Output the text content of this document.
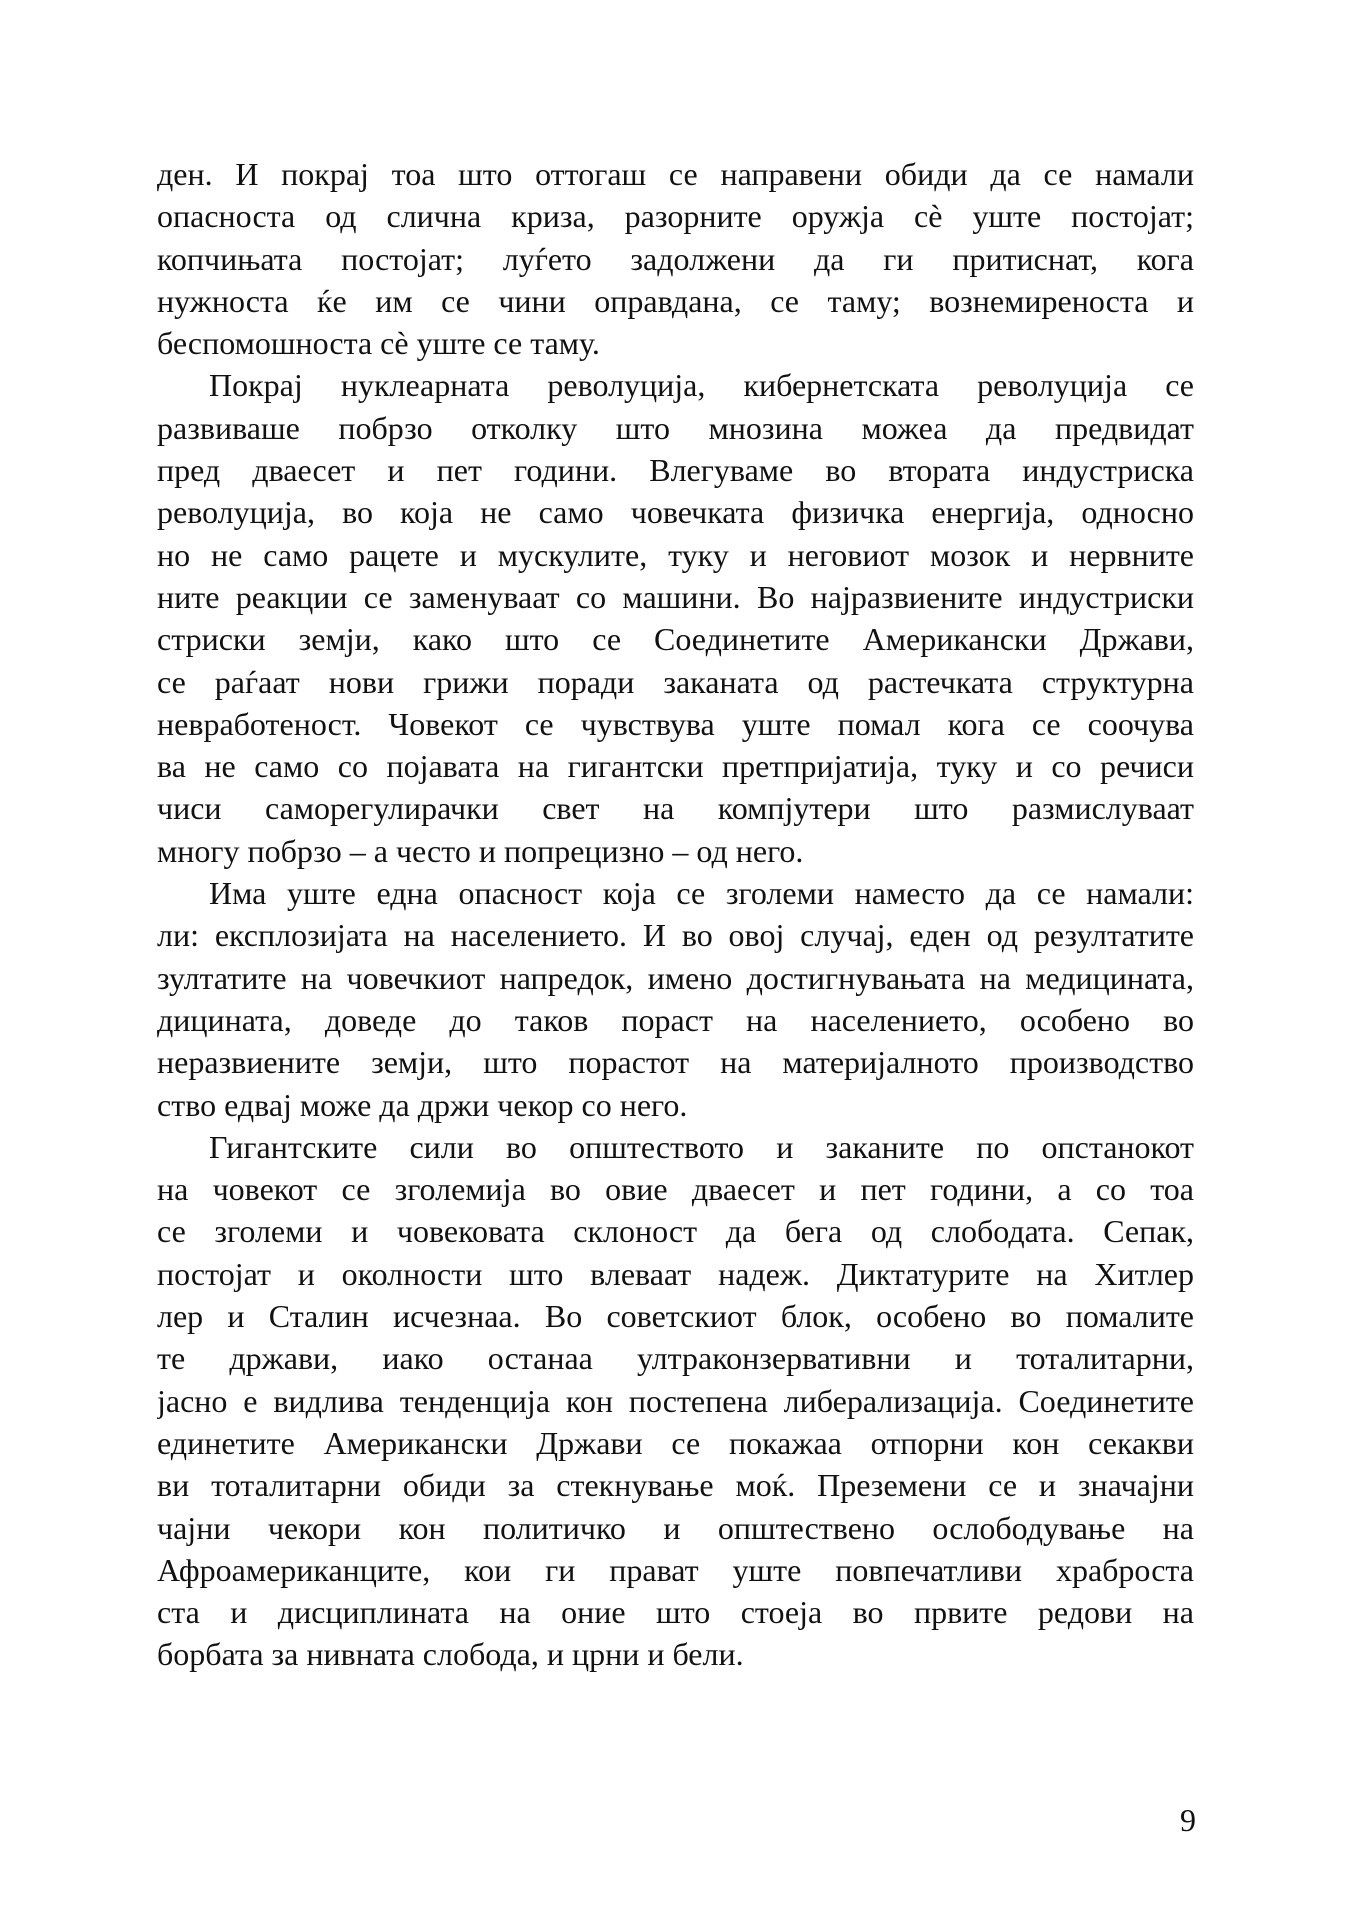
ден. И покрај тоа што оттогаш се направени обиди да се намали
опасноста од слична криза, разорните оружја сè уште постојат;
копчињата постојат; луѓето задолжени да ги притиснат, кога
нужноста ќе им се чини оправдана, се таму; вознемиреноста и
беспомошноста сè уште се таму.
Покрај нуклеарната револуција, кибернетската револуција се
развиваше побрзо отколку што мнозина можеа да предвидат
пред дваесет и пет години. Влегуваме во втората индустриска
револуција, во која не само човечката физичка енергија, односно
но не само рацете и мускулите, туку и неговиот мозок и нервните
ните реакции се заменуваат со машини. Во најразвиените индустриски
стриски земји, како што се Соединетите Американски Држави,
се раѓаат нови грижи поради заканата од растечката структурна
невработеност. Човекот се чувствува уште помал кога се соочува
ва не само со појавата на гигантски претпријатија, туку и со речиси
чиси саморегулирачки свет на компјутери што размислуваат
многу побрзо – а често и попрецизно – од него.
Има уште една опасност која се зголеми наместо да се намали:
ли: експлозијата на населението. И во овој случај, еден од резултатите
зултатите на човечкиот напредок, имено достигнувањата на медицината,
дицината, доведе до таков пораст на населението, особено во
неразвиените земји, што порастот на материјалното производство
ство едвај може да држи чекор со него.
Гигантските сили во општеството и заканите по опстанокот
на човекот се зголемија во овие дваесет и пет години, а со тоа
се зголеми и човековата склоност да бега од слободата. Сепак,
постојат и околности што влеваат надеж. Диктатурите на Хитлер
лер и Сталин исчезнаа. Во советскиот блок, особено во помалите
те држави, иако останаа ултраконзервативни и тоталитарни,
јасно е видлива тенденција кон постепена либерализација. Соединетите
единетите Американски Држави се покажаа отпорни кон секакви
ви тоталитарни обиди за стекнување моќ. Преземени се и значајни
чајни чекори кон политичко и општествено ослободување на
Афроамериканците, кои ги прават уште повпечатливи храброста
ста и дисциплината на оние што стоеја во првите редови на
борбата за нивната слобода, и црни и бели.
9
